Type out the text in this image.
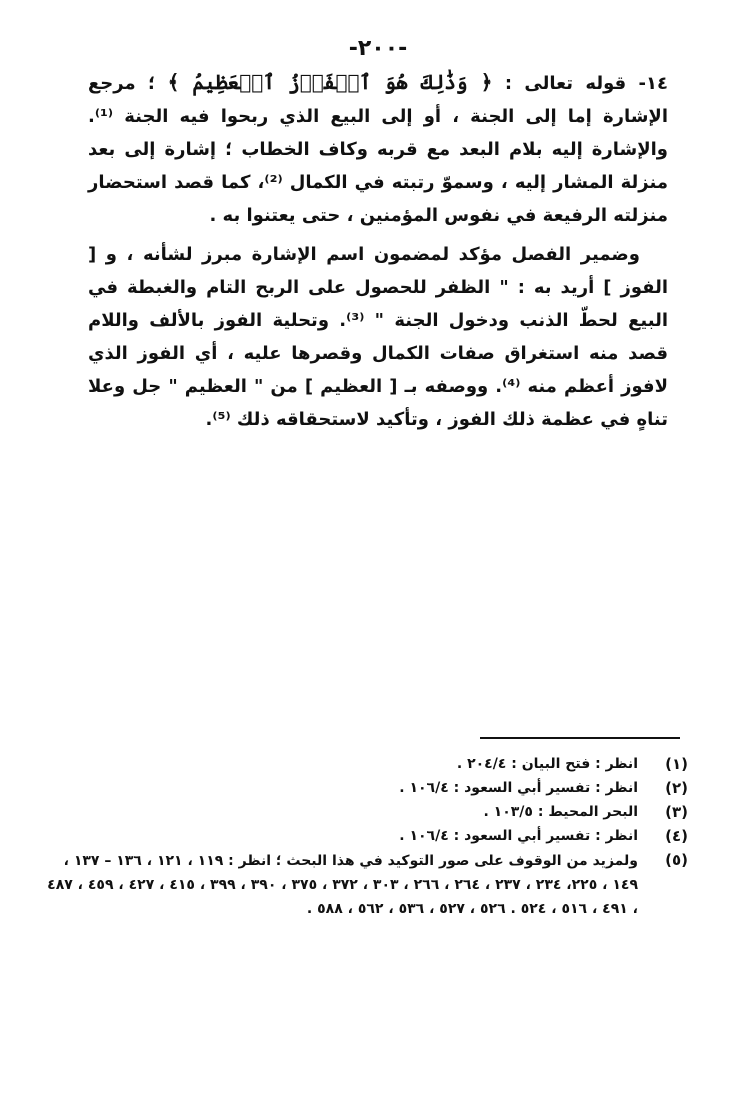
-٢٠٠-

١٤- قوله تعالى : ﴿ وَذَٰلِكَ هُوَ ٱلۡفَوۡزُ ٱلۡعَظِيمُ ﴾ ؛ مرجع الإشارة إما إلى الجنة ، أو إلى البيع الذي ربحوا فيه الجنة ⁽¹⁾. والإشارة إليه بلام البعد مع قربه وكاف الخطاب ؛ إشارة إلى بعد منزلة المشار إليه ، وسموّ رتبته في الكمال ⁽²⁾، كما قصد استحضار منزلته الرفيعة في نفوس المؤمنين ، حتى يعتنوا به .

وضمير الفصل مؤكد لمضمون اسم الإشارة مبرز لشأنه ، و [ الفوز ] أريد به : " الظفر للحصول على الربح التام والغبطة في البيع لحطّ الذنب ودخول الجنة " ⁽³⁾. وتحلية الفوز بالألف واللام قصد منه استغراق صفات الكمال وقصرها عليه ، أي الفوز الذي لافوز أعظم منه ⁽⁴⁾. ووصفه بـ [ العظيم ] من " العظيم " جل وعلا تناهٍ في عظمة ذلك الفوز ، وتأكيد لاستحقاقه ذلك ⁽⁵⁾.

(١)
انظر : فتح البيان : ٢٠٤/٤ .
(٢)
انظر : تفسير أبي السعود : ١٠٦/٤ .
(٣)
البحر المحيط : ١٠٣/٥ .
(٤)
انظر : تفسير أبي السعود : ١٠٦/٤ .
(٥)
ولمزيد من الوقوف على صور التوكيد في هذا البحث ؛ انظر : ١١٩ ، ١٢١ ، ١٣٦ – ١٣٧ ، ١٤٩ ، ٢٢٥، ٢٣٤ ، ٢٣٧ ، ٢٦٤ ، ٢٦٦ ، ٣٠٣ ، ٣٧٢ ، ٣٧٥ ، ٣٩٠ ، ٣٩٩ ، ٤١٥ ، ٤٢٧ ، ٤٥٩ ، ٤٨٧ ، ٤٩١ ، ٥١٦ ، ٥٢٤ . ٥٢٦ ، ٥٢٧ ، ٥٣٦ ، ٥٦٢ ، ٥٨٨ .
